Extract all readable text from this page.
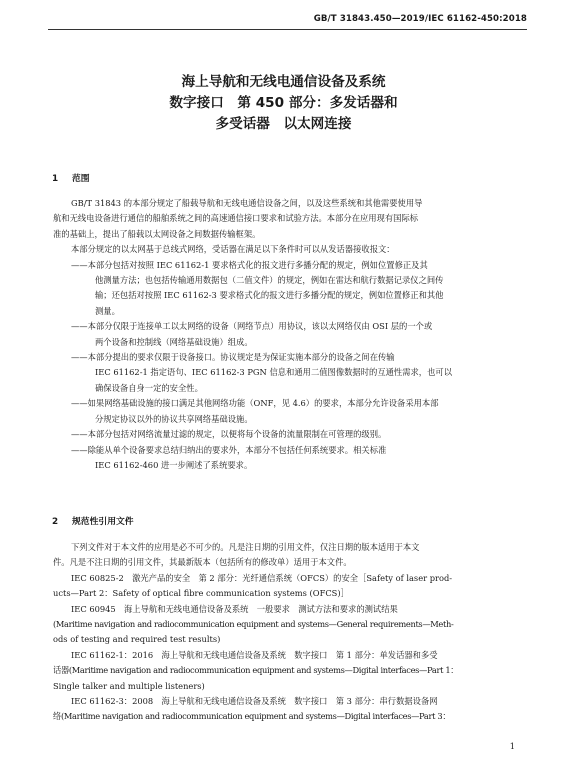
GB/T 31843.450—2019/IEC 61162-450:2018
海上导航和无线电通信设备及系统
数字接口　第 450 部分：多发话器和
多受话器　以太网连接
1 范围
GB/T 31843 的本部分规定了船载导航和无线电通信设备之间，以及这些系统和其他需要使用导
航和无线电设备进行通信的船舶系统之间的高速通信接口要求和试验方法。本部分在应用现有国际标
准的基础上，提出了船载以太网设备之间数据传输框架。
本部分规定的以太网基于总线式网络，受话器在满足以下条件时可以从发话器接收报文：
——本部分包括对按照 IEC 61162-1 要求格式化的报文进行多播分配的规定，例如位置修正及其
他测量方法；也包括传输通用数据包（二值文件）的规定，例如在雷达和航行数据记录仪之间传
输；还包括对按照 IEC 61162-3 要求格式化的报文进行多播分配的规定，例如位置修正和其他
测量。
——本部分仅限于连接单工以太网络的设备（网络节点）用协议，该以太网络仅由 OSI 层的一个或
两个设备和控制线（网络基础设施）组成。
——本部分提出的要求仅限于设备接口。协议规定是为保证实施本部分的设备之间在传输
IEC 61162-1 指定语句、IEC 61162-3 PGN 信息和通用二值图像数据时的互通性需求，也可以
确保设备自身一定的安全性。
——如果网络基础设施的接口满足其他网络功能（ONF，见 4.6）的要求，本部分允许设备采用本部
分规定协议以外的协议共享网络基础设施。
——本部分包括对网络流量过滤的规定，以便将每个设备的流量限制在可管理的级别。
——除能从单个设备要求总结归纳出的要求外，本部分不包括任何系统要求。相关标准
IEC 61162-460 进一步阐述了系统要求。
2 规范性引用文件
下列文件对于本文件的应用是必不可少的。凡是注日期的引用文件，仅注日期的版本适用于本文
件。凡是不注日期的引用文件，其最新版本（包括所有的修改单）适用于本文件。
IEC 60825-2　激光产品的安全　第 2 部分：光纤通信系统（OFCS）的安全［Safety of laser prod-
ucts—Part 2：Safety of optical fibre communication systems (OFCS)］
IEC 60945　海上导航和无线电通信设备及系统　一般要求　测试方法和要求的测试结果
(Maritime navigation and radiocommunication equipment and systems—General requirements—Meth-
ods of testing and required test results)
IEC 61162-1：2016　海上导航和无线电通信设备及系统　数字接口　第 1 部分：单发话器和多受
话器(Maritime navigation and radiocommunication equipment and systems—Digital interfaces—Part 1：
Single talker and multiple listeners)
IEC 61162-3：2008　海上导航和无线电通信设备及系统　数字接口　第 3 部分：串行数据设备网
络(Maritime navigation and radiocommunication equipment and systems—Digital interfaces—Part 3：
1
